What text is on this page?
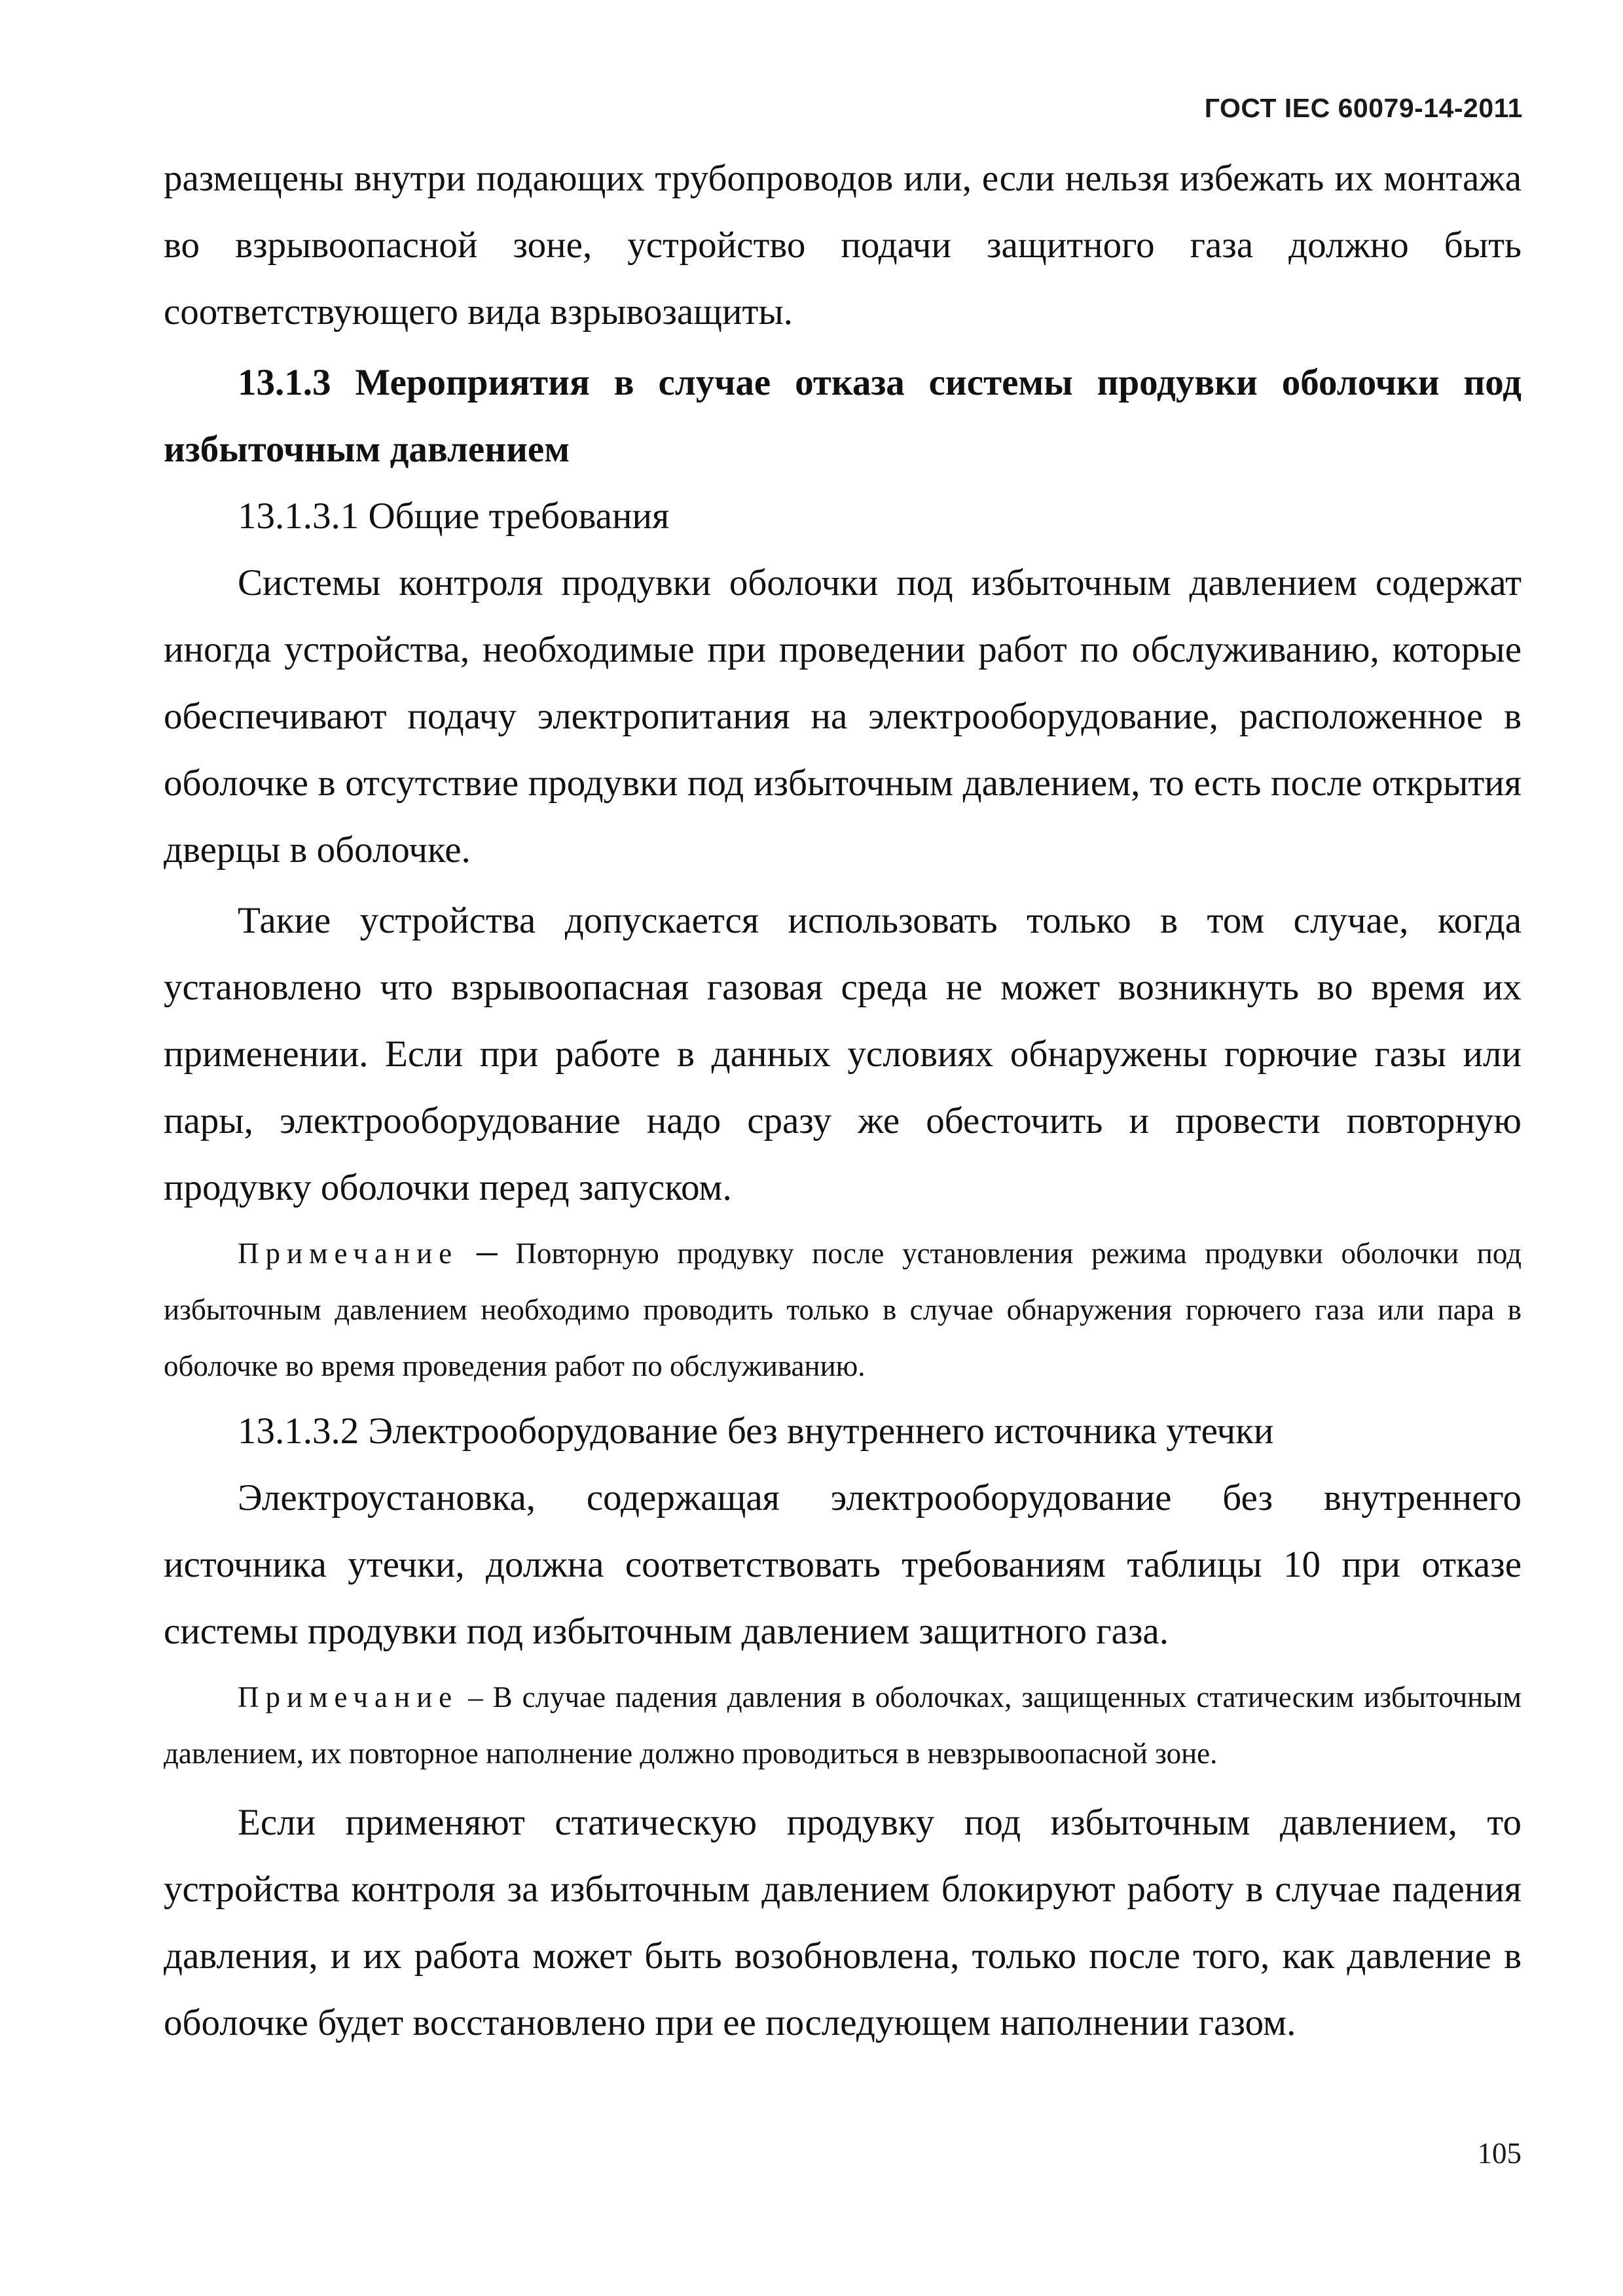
ГОСТ IEC 60079-14-2011

размещены внутри подающих трубопроводов или, если нельзя избежать их монтажа во взрывоопасной зоне, устройство подачи защитного газа должно быть соответствующего вида взрывозащиты.

13.1.3 Мероприятия в случае отказа системы продувки оболочки под избыточным давлением

13.1.3.1 Общие требования

Системы контроля продувки оболочки под избыточным давлением содержат иногда устройства, необходимые при проведении работ по обслуживанию, которые обеспечивают подачу электропитания на электрооборудование, расположенное в оболочке в отсутствие продувки под избыточным давлением, то есть после открытия дверцы в оболочке.

Такие устройства допускается использовать только в том случае, когда установлено что взрывоопасная газовая среда не может возникнуть во время их применении. Если при работе в данных условиях обнаружены горючие газы или пары, электрооборудование надо сразу же обесточить и провести повторную продувку оболочки перед запуском.

Примечание ─ Повторную продувку после установления режима продувки оболочки под избыточным давлением необходимо проводить только в случае обнаружения горючего газа или пара в оболочке во время проведения работ по обслуживанию.

13.1.3.2 Электрооборудование без внутреннего источника утечки

Электроустановка, содержащая электрооборудование без внутреннего источника утечки, должна соответствовать требованиям таблицы 10 при отказе системы продувки под избыточным давлением защитного газа.

Примечание – В случае падения давления в оболочках, защищенных статическим избыточным давлением, их повторное наполнение должно проводиться в невзрывоопасной зоне.

Если применяют статическую продувку под избыточным давлением, то устройства контроля за избыточным давлением блокируют работу в случае падения давления, и их работа может быть возобновлена, только после того, как давление в оболочке будет восстановлено при ее последующем наполнении газом.

105
